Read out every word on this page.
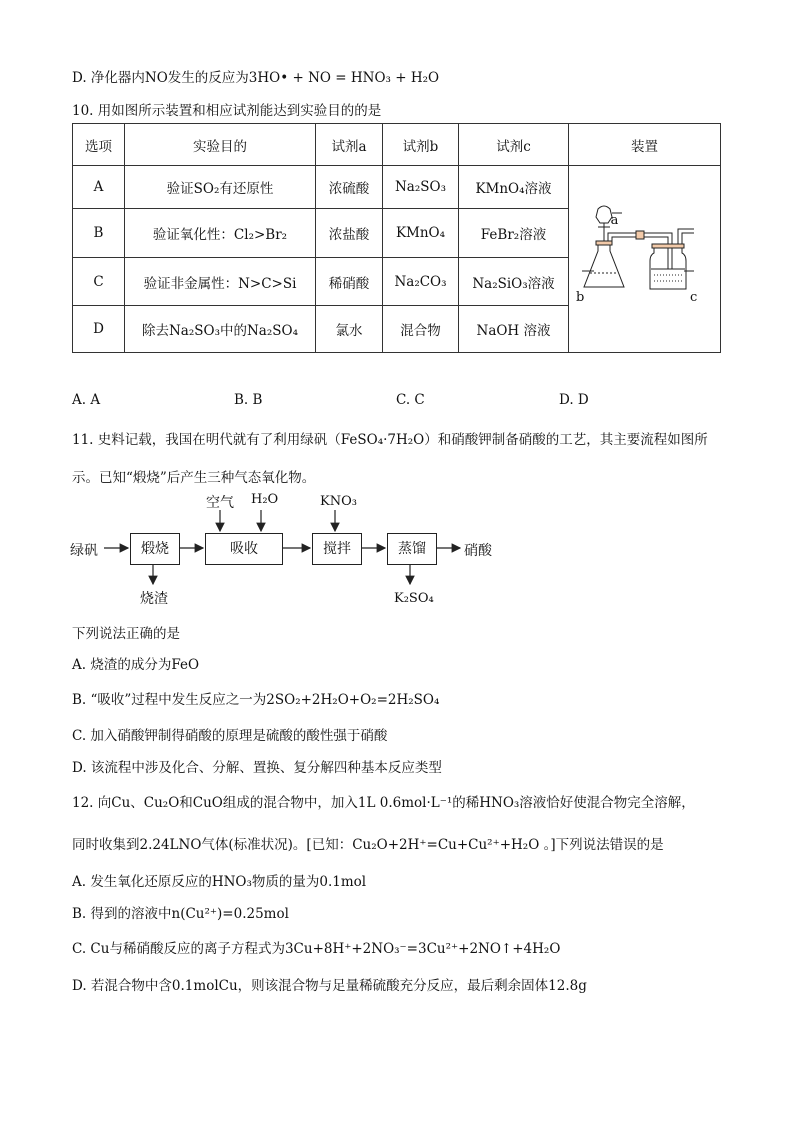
D. 净化器内NO发生的反应为3HO• + NO = HNO₃ + H₂O
10. 用如图所示装置和相应试剂能达到实验目的的是
选项	实验目的	试剂a	试剂b	试剂c	装置
A	验证SO₂有还原性	浓硫酸	Na₂SO₃	KMnO₄溶液	a
B	验证氧化性：Cl₂>Br₂	浓盐酸	KMnO₄	FeBr₂溶液	
C	验证非金属性：N>C>Si	稀硝酸	Na₂CO₃	Na₂SiO₃溶液	
D	除去Na₂SO₃中的Na₂SO₄	氯水	混合物	NaOH 溶液	
b	c
A. A	B. B	C. C	D. D
11. 史料记载，我国在明代就有了利用绿矾（FeSO₄·7H₂O）和硝酸钾制备硝酸的工艺，其主要流程如图所
示。已知“煅烧”后产生三种气态氧化物。
绿矾	煅烧	吸收	搅拌	蒸馏	硝酸
空气 H₂O	KNO₃
烧渣	K₂SO₄
下列说法正确的是
A. 烧渣的成分为FeO
B. “吸收”过程中发生反应之一为2SO₂+2H₂O+O₂=2H₂SO₄
C. 加入硝酸钾制得硝酸的原理是硫酸的酸性强于硝酸
D. 该流程中涉及化合、分解、置换、复分解四种基本反应类型
12. 向Cu、Cu₂O和CuO组成的混合物中，加入1L 0.6mol·L⁻¹的稀HNO₃溶液恰好使混合物完全溶解，
同时收集到2.24LNO气体(标准状况)。[已知：Cu₂O+2H⁺=Cu+Cu²⁺+H₂O 。]下列说法错误的是
A. 发生氧化还原反应的HNO₃物质的量为0.1mol
B. 得到的溶液中n(Cu²⁺)=0.25mol
C. Cu与稀硝酸反应的离子方程式为3Cu+8H⁺+2NO₃⁻=3Cu²⁺+2NO↑+4H₂O
D. 若混合物中含0.1molCu，则该混合物与足量稀硫酸充分反应，最后剩余固体12.8g
